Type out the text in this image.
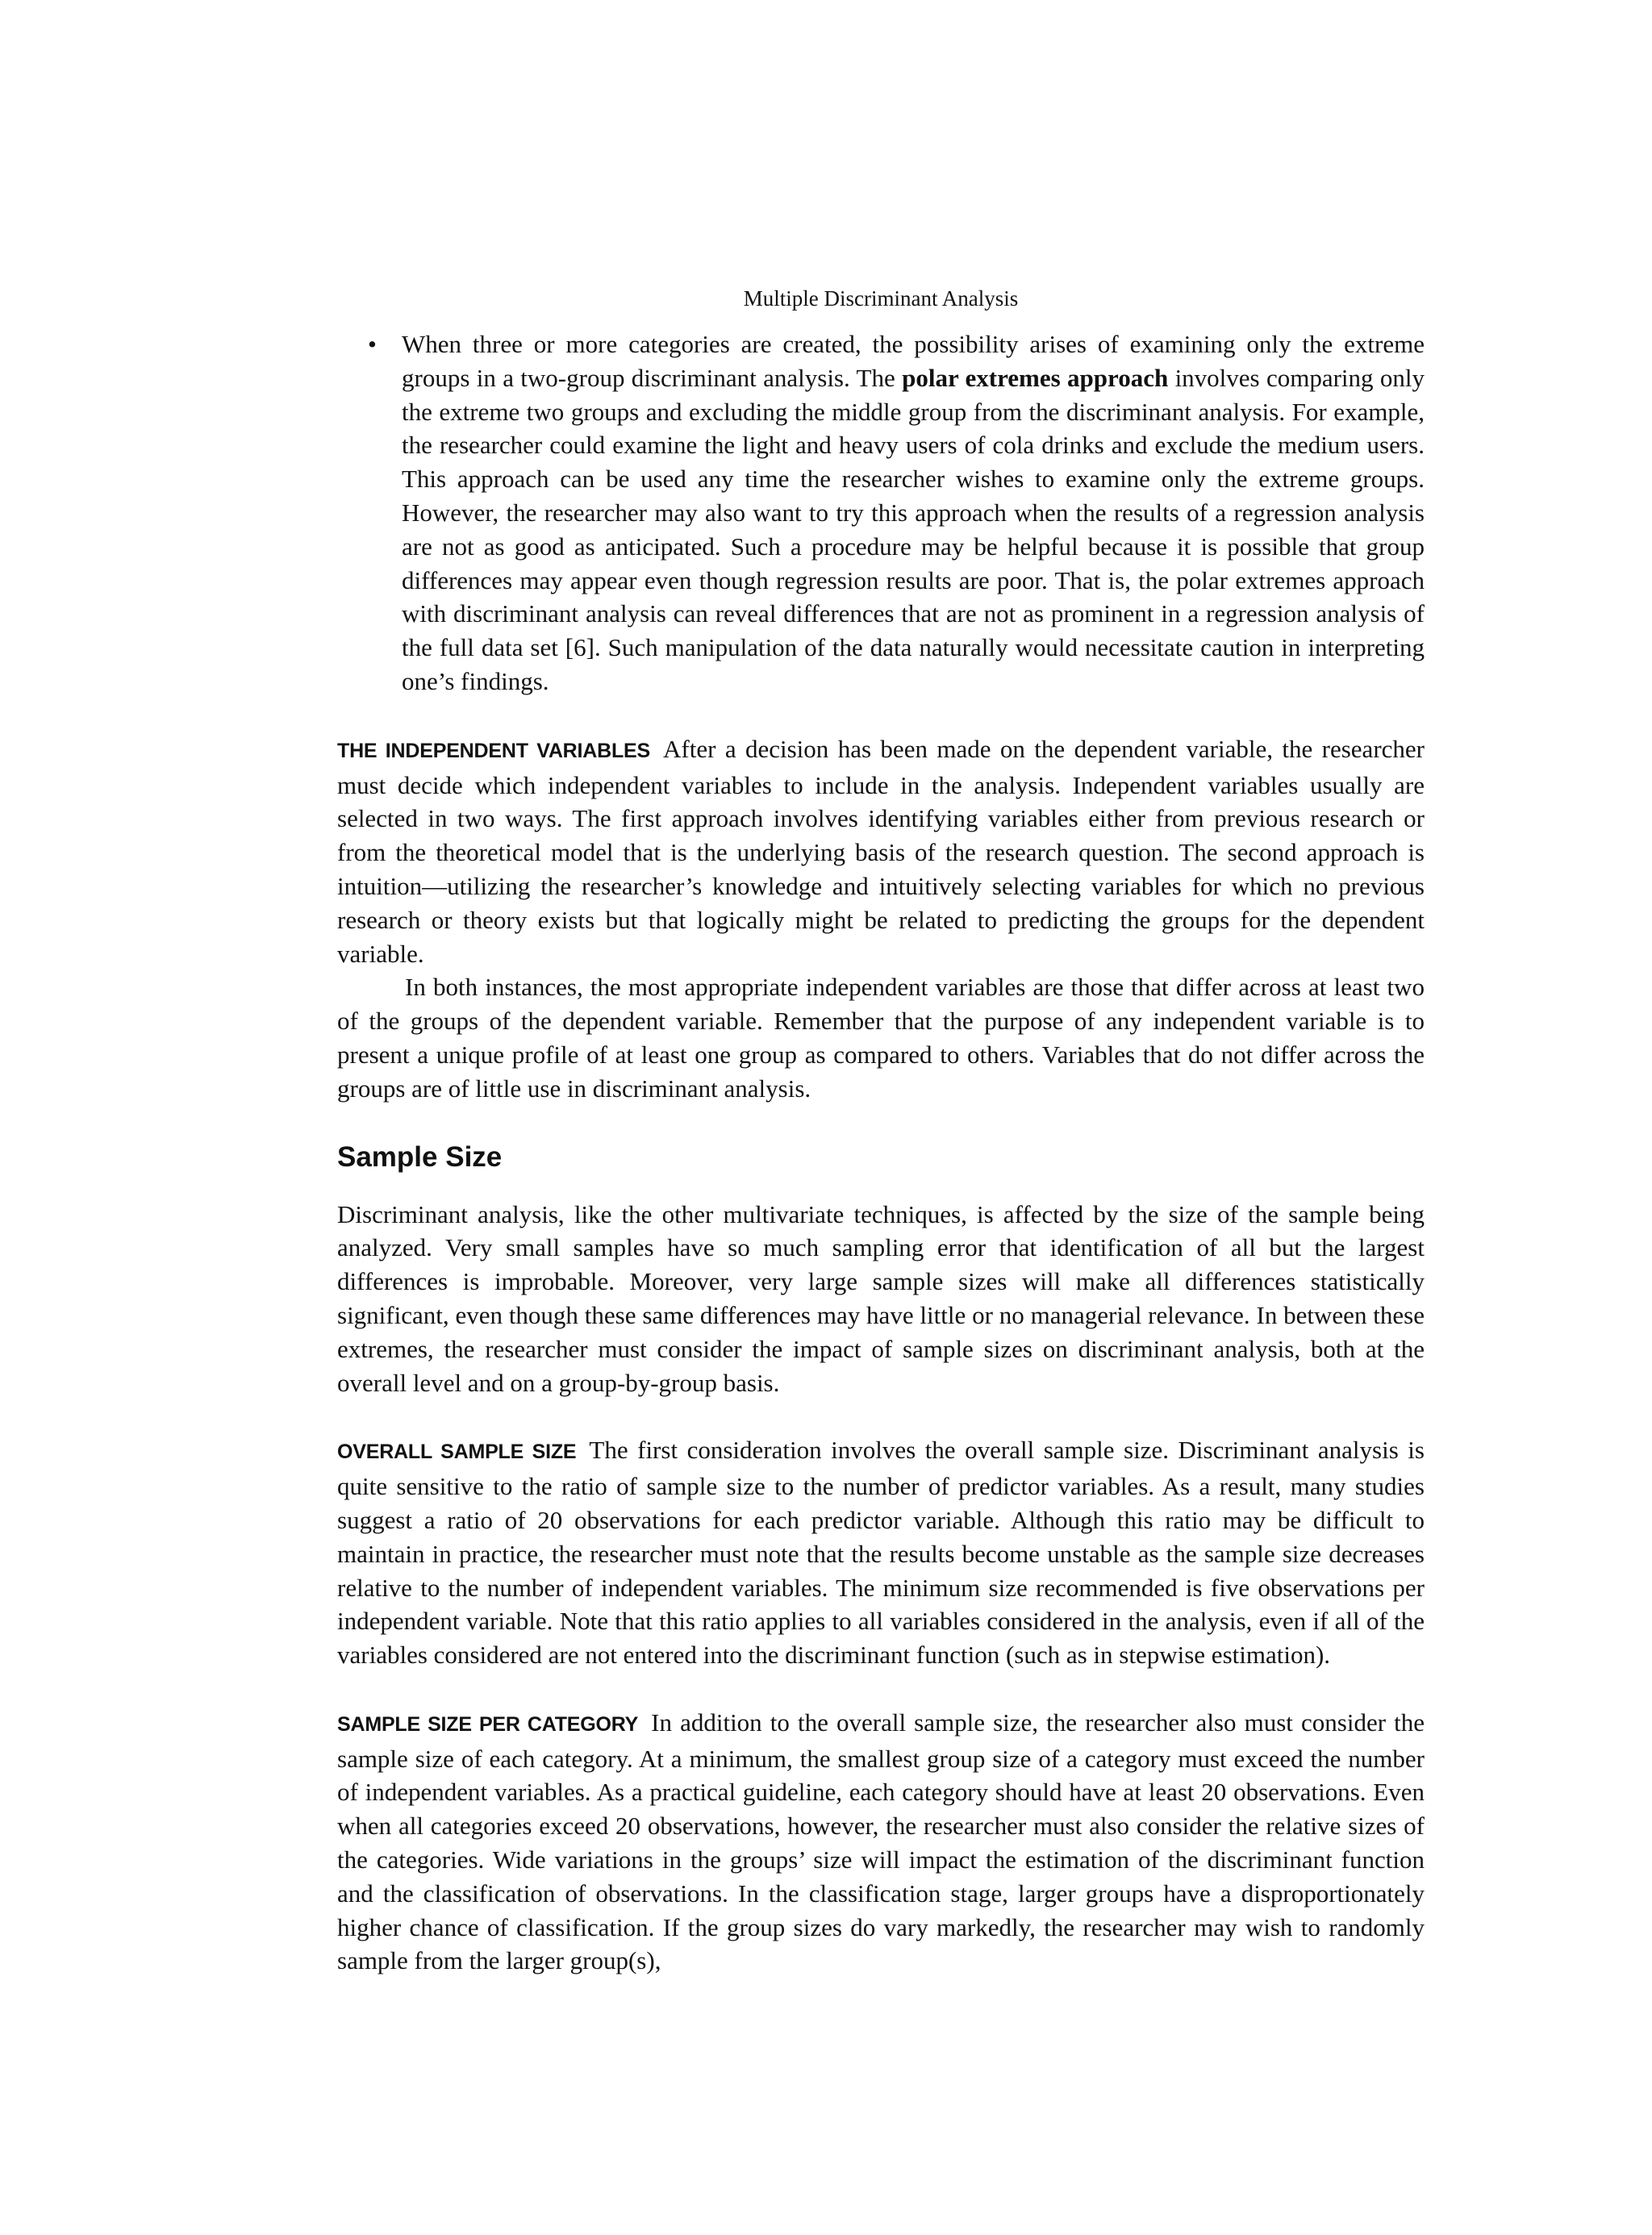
Multiple Discriminant Analysis
• When three or more categories are created, the possibility arises of examining only the extreme groups in a two-group discriminant analysis. The polar extremes approach involves comparing only the extreme two groups and excluding the middle group from the discriminant analysis. For example, the researcher could examine the light and heavy users of cola drinks and exclude the medium users. This approach can be used any time the researcher wishes to examine only the extreme groups. However, the researcher may also want to try this approach when the results of a regression analysis are not as good as anticipated. Such a procedure may be helpful because it is possible that group differences may appear even though regression results are poor. That is, the polar extremes approach with discriminant analysis can reveal differences that are not as prominent in a regression analysis of the full data set [6]. Such manipulation of the data naturally would necessitate caution in interpreting one’s findings.

THE INDEPENDENT VARIABLES After a decision has been made on the dependent variable, the researcher must decide which independent variables to include in the analysis. Independent variables usually are selected in two ways. The first approach involves identifying variables either from previous research or from the theoretical model that is the underlying basis of the research question. The second approach is intuition—utilizing the researcher’s knowledge and intuitively selecting variables for which no previous research or theory exists but that logically might be related to predicting the groups for the dependent variable.

In both instances, the most appropriate independent variables are those that differ across at least two of the groups of the dependent variable. Remember that the purpose of any independent variable is to present a unique profile of at least one group as compared to others. Variables that do not differ across the groups are of little use in discriminant analysis.

Sample Size

Discriminant analysis, like the other multivariate techniques, is affected by the size of the sample being analyzed. Very small samples have so much sampling error that identification of all but the largest differences is improbable. Moreover, very large sample sizes will make all differences statistically significant, even though these same differences may have little or no managerial relevance. In between these extremes, the researcher must consider the impact of sample sizes on discriminant analysis, both at the overall level and on a group-by-group basis.

OVERALL SAMPLE SIZE The first consideration involves the overall sample size. Discriminant analysis is quite sensitive to the ratio of sample size to the number of predictor variables. As a result, many studies suggest a ratio of 20 observations for each predictor variable. Although this ratio may be difficult to maintain in practice, the researcher must note that the results become unstable as the sample size decreases relative to the number of independent variables. The minimum size recommended is five observations per independent variable. Note that this ratio applies to all variables considered in the analysis, even if all of the variables considered are not entered into the discriminant function (such as in stepwise estimation).

SAMPLE SIZE PER CATEGORY In addition to the overall sample size, the researcher also must consider the sample size of each category. At a minimum, the smallest group size of a category must exceed the number of independent variables. As a practical guideline, each category should have at least 20 observations. Even when all categories exceed 20 observations, however, the researcher must also consider the relative sizes of the categories. Wide variations in the groups’ size will impact the estimation of the discriminant function and the classification of observations. In the classification stage, larger groups have a disproportionately higher chance of classification. If the group sizes do vary markedly, the researcher may wish to randomly sample from the larger group(s),
